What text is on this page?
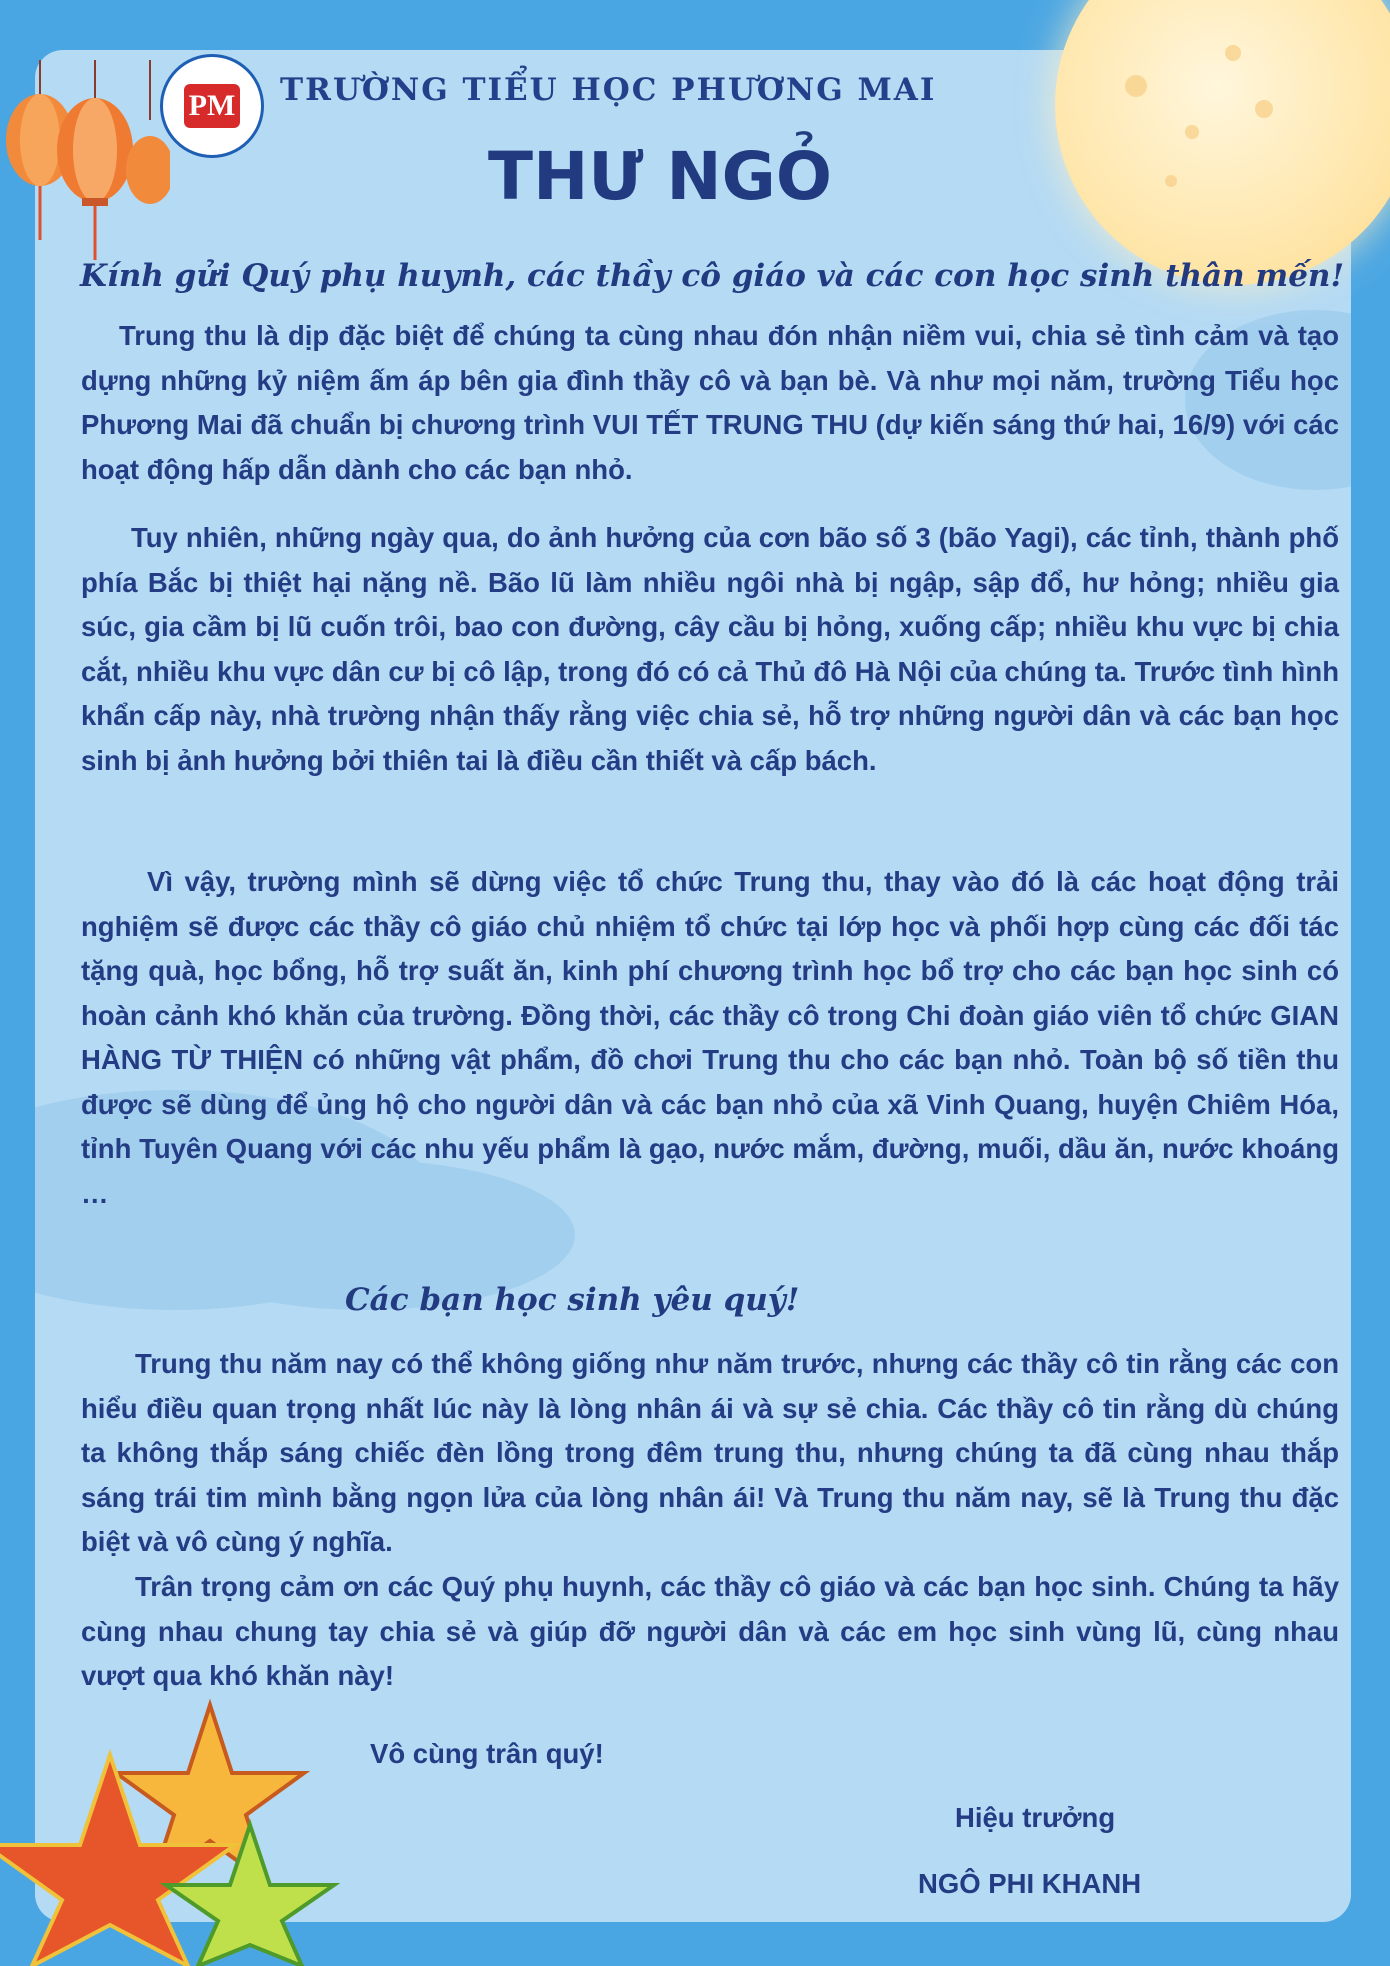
PM TRƯỜNG TIỂU HỌC PHƯƠNG MAI
THƯ NGỎ
Kính gửi Quý phụ huynh, các thầy cô giáo và các con học sinh thân mến!

Trung thu là dịp đặc biệt để chúng ta cùng nhau đón nhận niềm vui, chia sẻ tình cảm và tạo dựng những kỷ niệm ấm áp bên gia đình thầy cô và bạn bè. Và như mọi năm, trường Tiểu học Phương Mai đã chuẩn bị chương trình VUI TẾT TRUNG THU (dự kiến sáng thứ hai, 16/9) với các hoạt động hấp dẫn dành cho các bạn nhỏ.

Tuy nhiên, những ngày qua, do ảnh hưởng của cơn bão số 3 (bão Yagi), các tỉnh, thành phố phía Bắc bị thiệt hại nặng nề. Bão lũ làm nhiều ngôi nhà bị ngập, sập đổ, hư hỏng; nhiều gia súc, gia cầm bị lũ cuốn trôi, bao con đường, cây cầu bị hỏng, xuống cấp; nhiều khu vực bị chia cắt, nhiều khu vực dân cư bị cô lập, trong đó có cả Thủ đô Hà Nội của chúng ta. Trước tình hình khẩn cấp này, nhà trường nhận thấy rằng việc chia sẻ, hỗ trợ những người dân và các bạn học sinh bị ảnh hưởng bởi thiên tai là điều cần thiết và cấp bách.

Vì vậy, trường mình sẽ dừng việc tổ chức Trung thu, thay vào đó là các hoạt động trải nghiệm sẽ được các thầy cô giáo chủ nhiệm tổ chức tại lớp học và phối hợp cùng các đối tác tặng quà, học bổng, hỗ trợ suất ăn, kinh phí chương trình học bổ trợ cho các bạn học sinh có hoàn cảnh khó khăn của trường. Đồng thời, các thầy cô trong Chi đoàn giáo viên tổ chức GIAN HÀNG TỪ THIỆN có những vật phẩm, đồ chơi Trung thu cho các bạn nhỏ. Toàn bộ số tiền thu được sẽ dùng để ủng hộ cho người dân và các bạn nhỏ của xã Vinh Quang, huyện Chiêm Hóa, tỉnh Tuyên Quang với các nhu yếu phẩm là gạo, nước mắm, đường, muối, dầu ăn, nước khoáng …

Các bạn học sinh yêu quý!

Trung thu năm nay có thể không giống như năm trước, nhưng các thầy cô tin rằng các con hiểu điều quan trọng nhất lúc này là lòng nhân ái và sự sẻ chia. Các thầy cô tin rằng dù chúng ta không thắp sáng chiếc đèn lồng trong đêm trung thu, nhưng chúng ta đã cùng nhau thắp sáng trái tim mình bằng ngọn lửa của lòng nhân ái! Và Trung thu năm nay, sẽ là Trung thu đặc biệt và vô cùng ý nghĩa.

Trân trọng cảm ơn các Quý phụ huynh, các thầy cô giáo và các bạn học sinh. Chúng ta hãy cùng nhau chung tay chia sẻ và giúp đỡ người dân và các em học sinh vùng lũ, cùng nhau vượt qua khó khăn này!

Vô cùng trân quý!
Hiệu trưởng
NGÔ PHI KHANH
